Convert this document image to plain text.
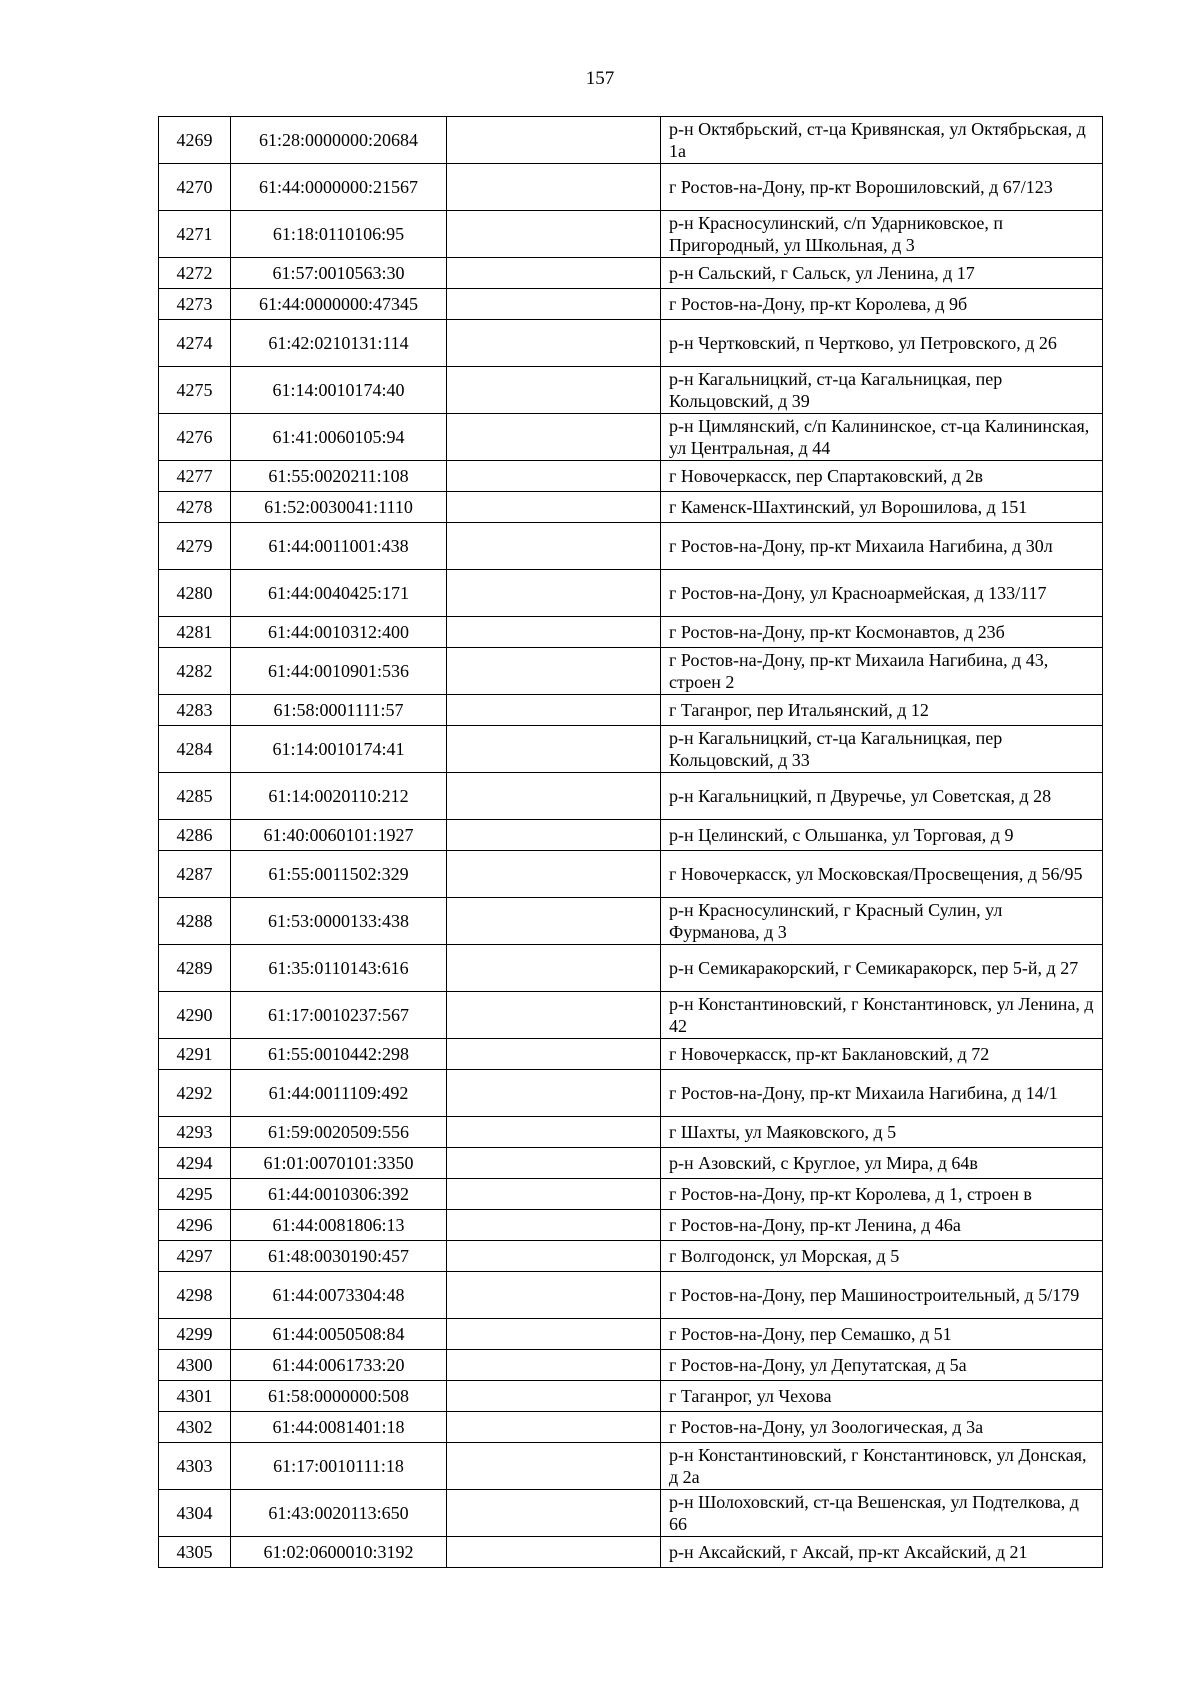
157
4269	61:28:0000000:20684		р-н Октябрьский, ст-ца Кривянская, ул Октябрьская, д 1а
4270	61:44:0000000:21567		г Ростов-на-Дону, пр-кт Ворошиловский, д 67/123
4271	61:18:0110106:95		р-н Красносулинский, с/п Ударниковское, п Пригородный, ул Школьная, д 3
4272	61:57:0010563:30		р-н Сальский, г Сальск, ул Ленина, д 17
4273	61:44:0000000:47345		г Ростов-на-Дону, пр-кт Королева, д 9б
4274	61:42:0210131:114		р-н Чертковский, п Чертково, ул Петровского, д 26
4275	61:14:0010174:40		р-н Кагальницкий, ст-ца Кагальницкая, пер Кольцовский, д 39
4276	61:41:0060105:94		р-н Цимлянский, с/п Калининское, ст-ца Калининская, ул Центральная, д 44
4277	61:55:0020211:108		г Новочеркасск, пер Спартаковский, д 2в
4278	61:52:0030041:1110		г Каменск-Шахтинский, ул Ворошилова, д 151
4279	61:44:0011001:438		г Ростов-на-Дону, пр-кт Михаила Нагибина, д 30л
4280	61:44:0040425:171		г Ростов-на-Дону, ул Красноармейская, д 133/117
4281	61:44:0010312:400		г Ростов-на-Дону, пр-кт Космонавтов, д 23б
4282	61:44:0010901:536		г Ростов-на-Дону, пр-кт Михаила Нагибина, д 43, строен 2
4283	61:58:0001111:57		г Таганрог, пер Итальянский, д 12
4284	61:14:0010174:41		р-н Кагальницкий, ст-ца Кагальницкая, пер Кольцовский, д 33
4285	61:14:0020110:212		р-н Кагальницкий, п Двуречье, ул Советская, д 28
4286	61:40:0060101:1927		р-н Целинский, с Ольшанка, ул Торговая, д 9
4287	61:55:0011502:329		г Новочеркасск, ул Московская/Просвещения, д 56/95
4288	61:53:0000133:438		р-н Красносулинский, г Красный Сулин, ул Фурманова, д 3
4289	61:35:0110143:616		р-н Семикаракорский, г Семикаракорск, пер 5-й, д 27
4290	61:17:0010237:567		р-н Константиновский, г Константиновск, ул Ленина, д 42
4291	61:55:0010442:298		г Новочеркасск, пр-кт Баклановский, д 72
4292	61:44:0011109:492		г Ростов-на-Дону, пр-кт Михаила Нагибина, д 14/1
4293	61:59:0020509:556		г Шахты, ул Маяковского, д 5
4294	61:01:0070101:3350		р-н Азовский, с Круглое, ул Мира, д 64в
4295	61:44:0010306:392		г Ростов-на-Дону, пр-кт Королева, д 1, строен в
4296	61:44:0081806:13		г Ростов-на-Дону, пр-кт Ленина, д 46а
4297	61:48:0030190:457		г Волгодонск, ул Морская, д 5
4298	61:44:0073304:48		г Ростов-на-Дону, пер Машиностроительный, д 5/179
4299	61:44:0050508:84		г Ростов-на-Дону, пер Семашко, д 51
4300	61:44:0061733:20		г Ростов-на-Дону, ул Депутатская, д 5а
4301	61:58:0000000:508		г Таганрог, ул Чехова
4302	61:44:0081401:18		г Ростов-на-Дону, ул Зоологическая, д 3а
4303	61:17:0010111:18		р-н Константиновский, г Константиновск, ул Донская, д 2а
4304	61:43:0020113:650		р-н Шолоховский, ст-ца Вешенская, ул Подтелкова, д 66
4305	61:02:0600010:3192		р-н Аксайский, г Аксай, пр-кт Аксайский, д 21
